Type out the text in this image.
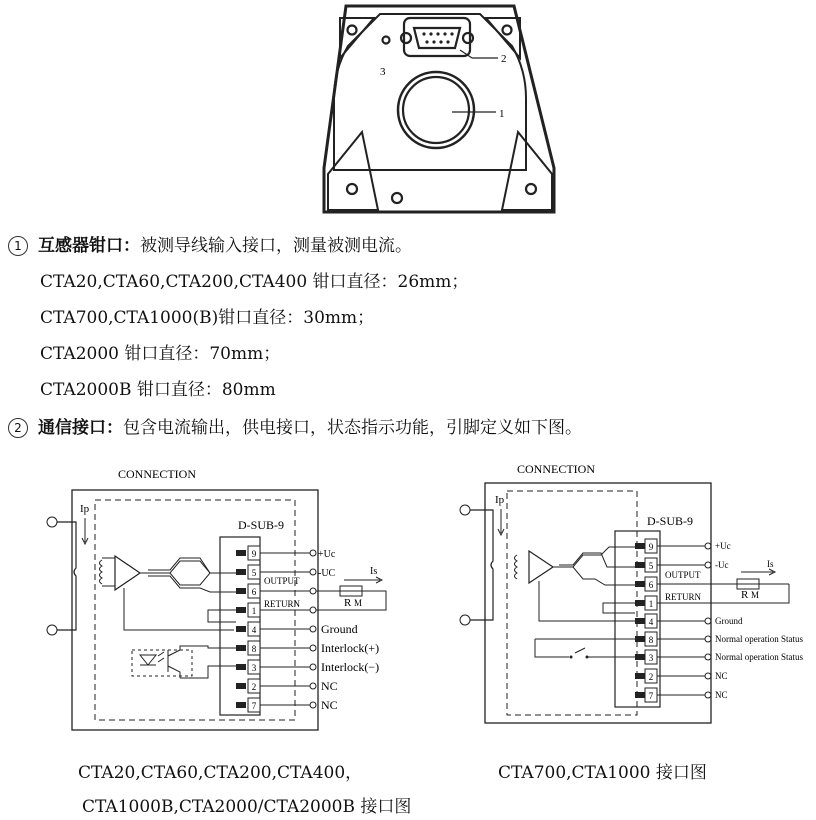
1
2
3
1 互感器钳口：被测导线输入接口，测量被测电流。
CTA20,CTA60,CTA200,CTA400 钳口直径：26mm；
CTA700,CTA1000(B)钳口直径：30mm；
CTA2000 钳口直径：70mm；
CTA2000B 钳口直径：80mm
2 通信接口：包含电流输出，供电接口，状态指示功能，引脚定义如下图。
CONNECTION
D-SUB-9
Ip
9
5
6
1
4
8
3
2
7
+Uc
-UC
OUTPUT
RETURN
Is
R M
Ground
Interlock(+)
Interlock(−)
NC
NC
CONNECTION
D-SUB-9
Ip
9
5
6
1
4
8
3
2
7
+Uc
-Uc
OUTPUT
RETURN
Is
R M
Ground
Normal operation Status
Normal operation Status
NC
NC
CTA20,CTA60,CTA200,CTA400，
CTA1000B,CTA2000/CTA2000B 接口图
CTA700,CTA1000 接口图
